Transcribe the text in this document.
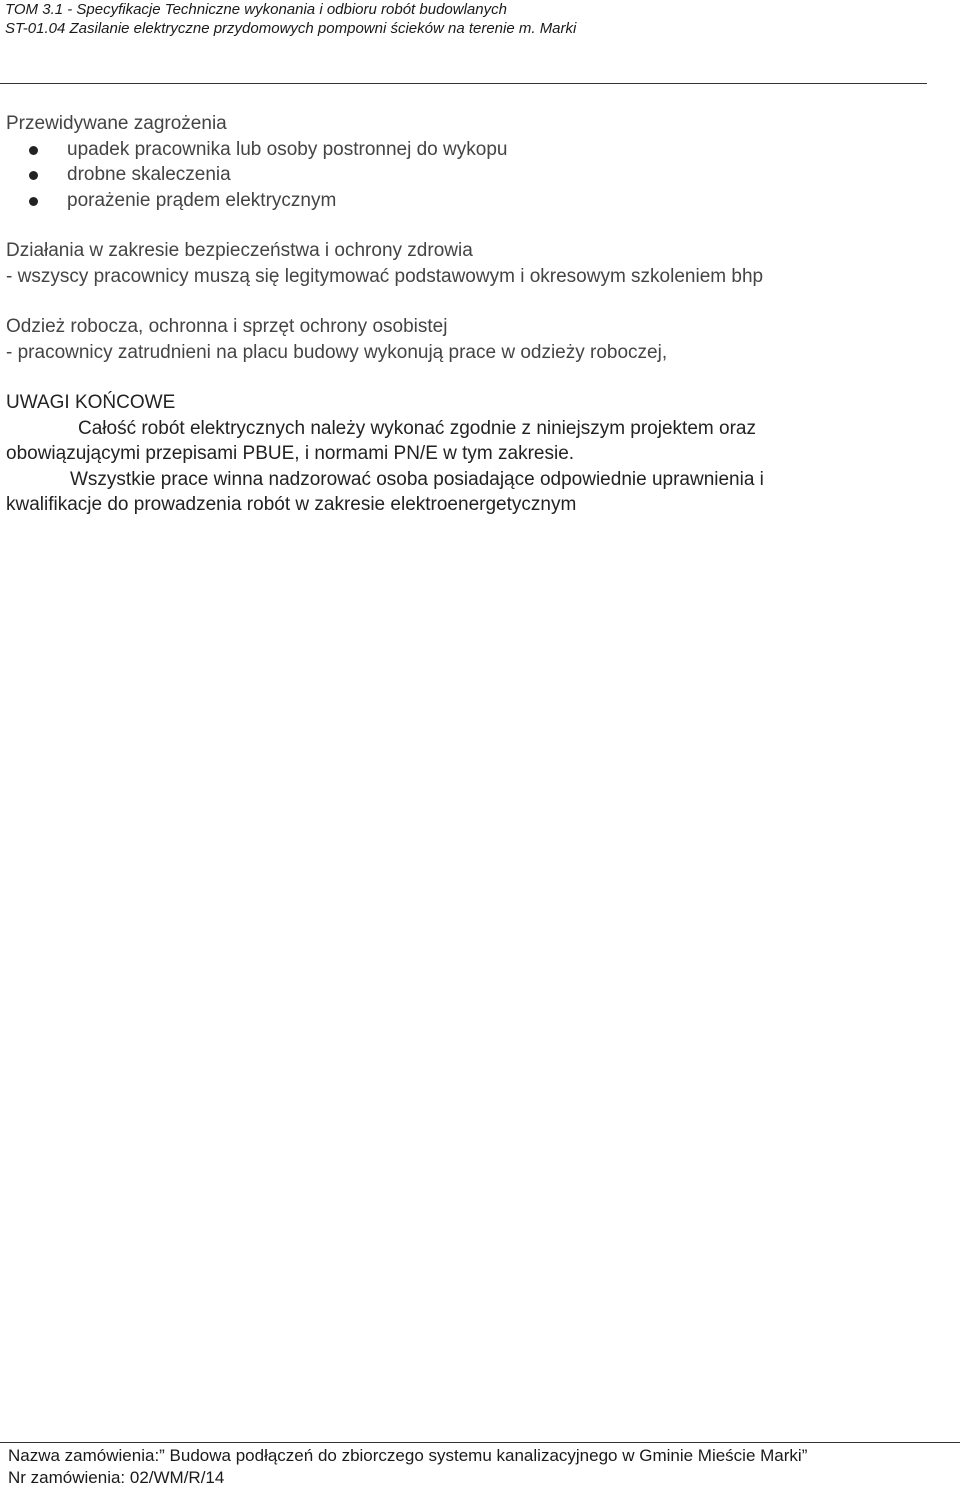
TOM 3.1 - Specyfikacje Techniczne wykonania i odbioru robót budowlanych
ST-01.04 Zasilanie elektryczne przydomowych pompowni ścieków na terenie m. Marki
Przewidywane zagrożenia
upadek pracownika lub osoby postronnej do wykopu
drobne skaleczenia
porażenie prądem elektrycznym
Działania w zakresie bezpieczeństwa i ochrony zdrowia
- wszyscy pracownicy muszą się legitymować podstawowym i okresowym szkoleniem bhp
Odzież robocza, ochronna i sprzęt ochrony osobistej
- pracownicy zatrudnieni na placu budowy wykonują prace w odzieży roboczej,
UWAGI KOŃCOWE
Całość robót elektrycznych należy wykonać zgodnie z niniejszym projektem oraz
obowiązującymi przepisami PBUE, i normami PN/E w tym zakresie.
Wszystkie prace winna nadzorować osoba posiadające odpowiednie uprawnienia i
kwalifikacje do prowadzenia robót w zakresie elektroenergetycznym
Nazwa zamówienia:” Budowa podłączeń do zbiorczego systemu kanalizacyjnego w Gminie Mieście Marki”
Nr zamówienia: 02/WM/R/14
